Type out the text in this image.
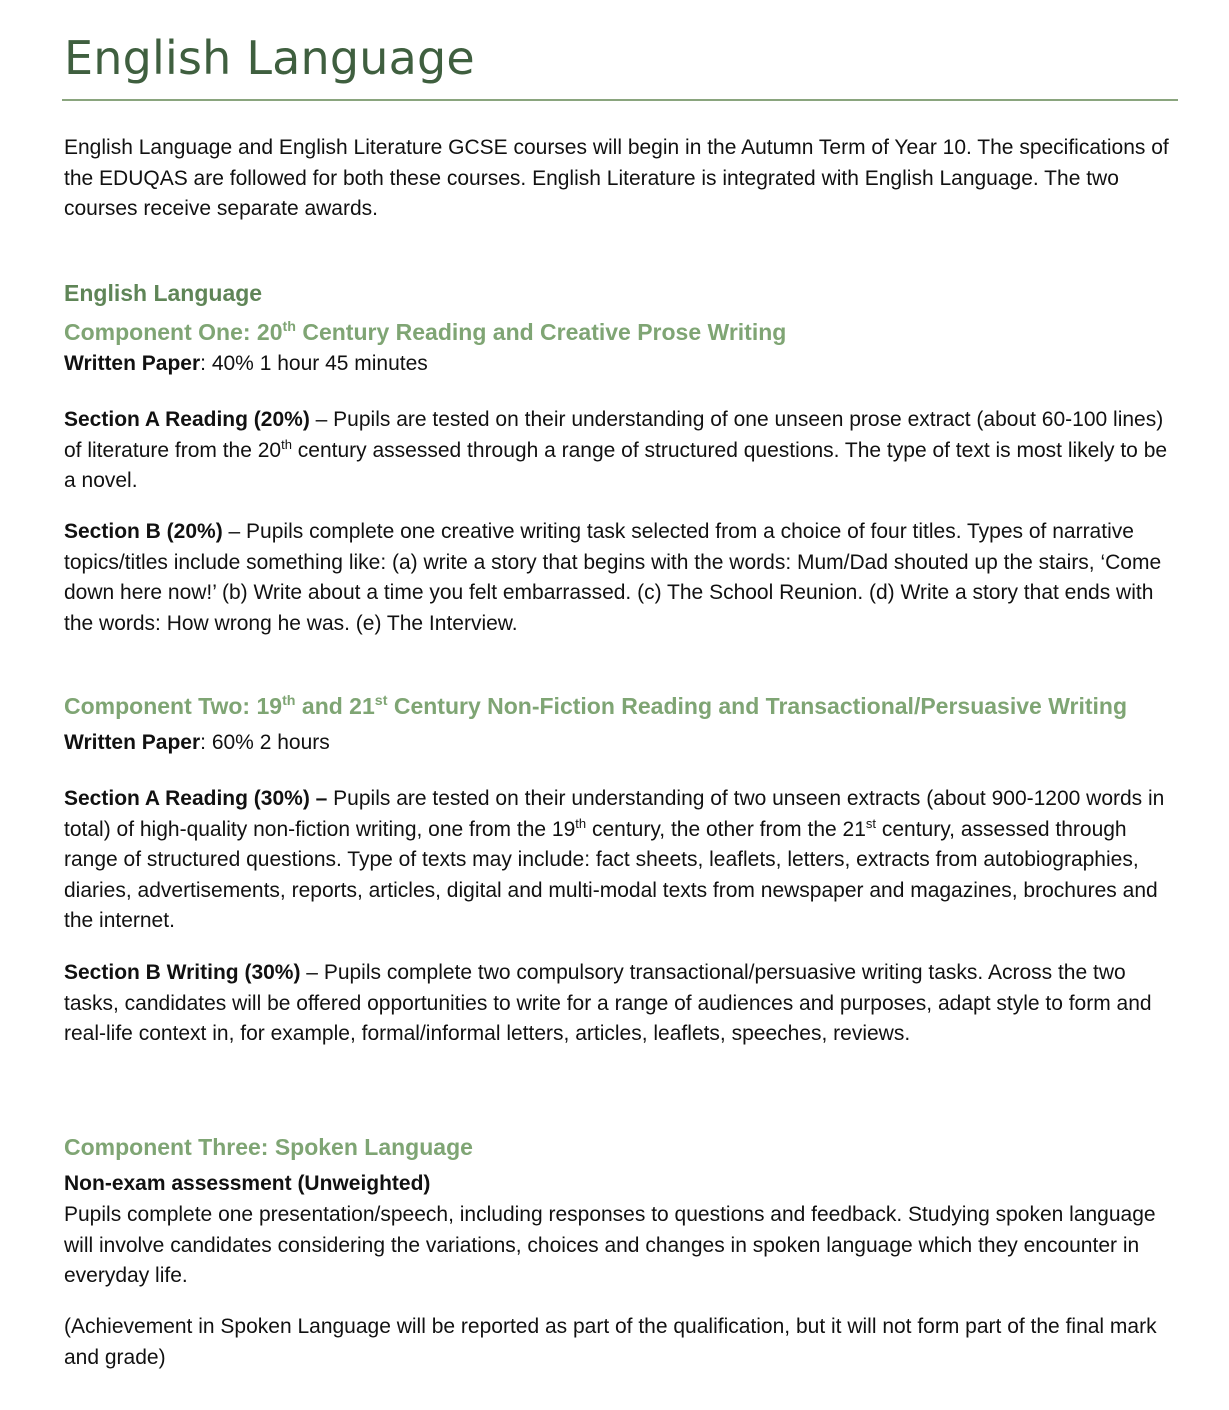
English Language

English Language and English Literature GCSE courses will begin in the Autumn Term of Year 10. The specifications of the EDUQAS are followed for both these courses. English Literature is integrated with English Language. The two courses receive separate awards.

English Language
Component One: 20th Century Reading and Creative Prose Writing

Written Paper: 40% 1 hour 45 minutes

Section A Reading (20%) – Pupils are tested on their understanding of one unseen prose extract (about 60-100 lines) of literature from the 20th century assessed through a range of structured questions. The type of text is most likely to be a novel.

Section B (20%) – Pupils complete one creative writing task selected from a choice of four titles. Types of narrative topics/titles include something like: (a) write a story that begins with the words: Mum/Dad shouted up the stairs, ‘Come down here now!’ (b) Write about a time you felt embarrassed. (c) The School Reunion. (d) Write a story that ends with the words: How wrong he was. (e) The Interview.

Component Two: 19th and 21st Century Non-Fiction Reading and Transactional/Persuasive Writing

Written Paper: 60% 2 hours

Section A Reading (30%) – Pupils are tested on their understanding of two unseen extracts (about 900-1200 words in total) of high-quality non-fiction writing, one from the 19th century, the other from the 21st century, assessed through range of structured questions. Type of texts may include: fact sheets, leaflets, letters, extracts from autobiographies, diaries, advertisements, reports, articles, digital and multi-modal texts from newspaper and magazines, brochures and the internet.

Section B Writing (30%) – Pupils complete two compulsory transactional/persuasive writing tasks. Across the two tasks, candidates will be offered opportunities to write for a range of audiences and purposes, adapt style to form and real-life context in, for example, formal/informal letters, articles, leaflets, speeches, reviews.

Component Three: Spoken Language

Non-exam assessment (Unweighted)

Pupils complete one presentation/speech, including responses to questions and feedback. Studying spoken language will involve candidates considering the variations, choices and changes in spoken language which they encounter in everyday life.

(Achievement in Spoken Language will be reported as part of the qualification, but it will not form part of the final mark and grade)
